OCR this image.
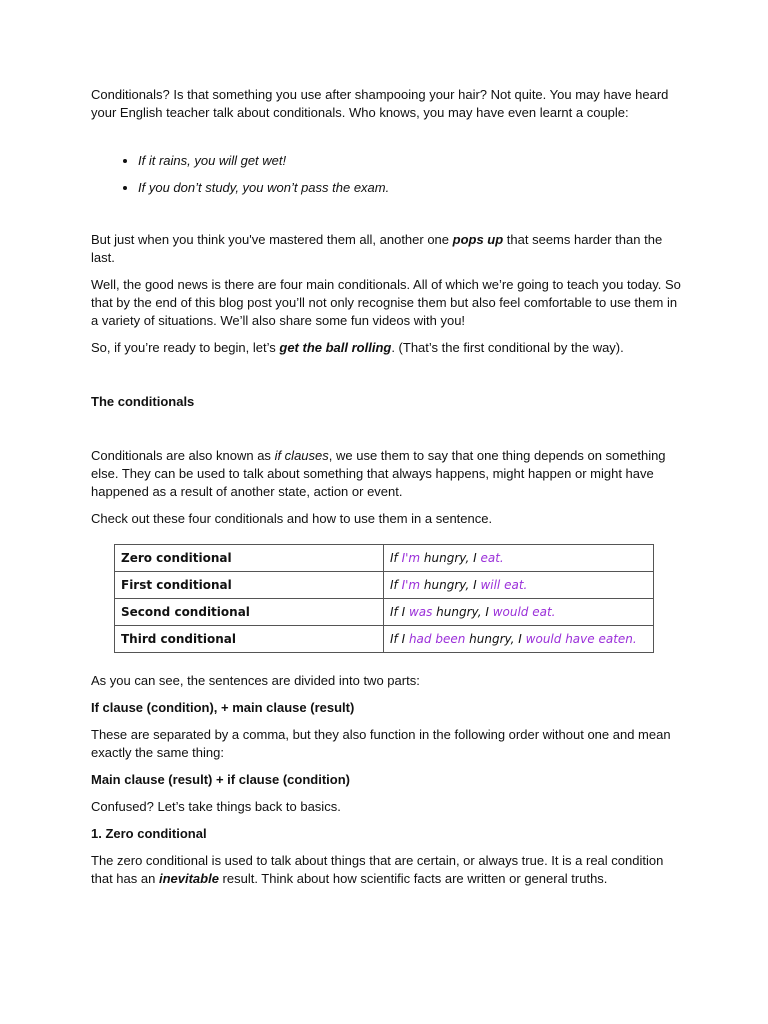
Conditionals? Is that something you use after shampooing your hair? Not quite. You may have heard your English teacher talk about conditionals. Who knows, you may have even learnt a couple:

• If it rains, you will get wet!
• If you don’t study, you won’t pass the exam.

But just when you think you've mastered them all, another one pops up that seems harder than the last.

Well, the good news is there are four main conditionals. All of which we’re going to teach you today. So that by the end of this blog post you’ll not only recognise them but also feel comfortable to use them in a variety of situations. We’ll also share some fun videos with you!

So, if you’re ready to begin, let’s get the ball rolling. (That’s the first conditional by the way).

The conditionals

Conditionals are also known as if clauses, we use them to say that one thing depends on something else. They can be used to talk about something that always happens, might happen or might have happened as a result of another state, action or event.

Check out these four conditionals and how to use them in a sentence.

Zero conditional	If I'm hungry, I eat.
First conditional	If I'm hungry, I will eat.
Second conditional	If I was hungry, I would eat.
Third conditional	If I had been hungry, I would have eaten.

As you can see, the sentences are divided into two parts:

If clause (condition), + main clause (result)

These are separated by a comma, but they also function in the following order without one and mean exactly the same thing:

Main clause (result) + if clause (condition)

Confused? Let’s take things back to basics.

1. Zero conditional

The zero conditional is used to talk about things that are certain, or always true. It is a real condition that has an inevitable result. Think about how scientific facts are written or general truths.
